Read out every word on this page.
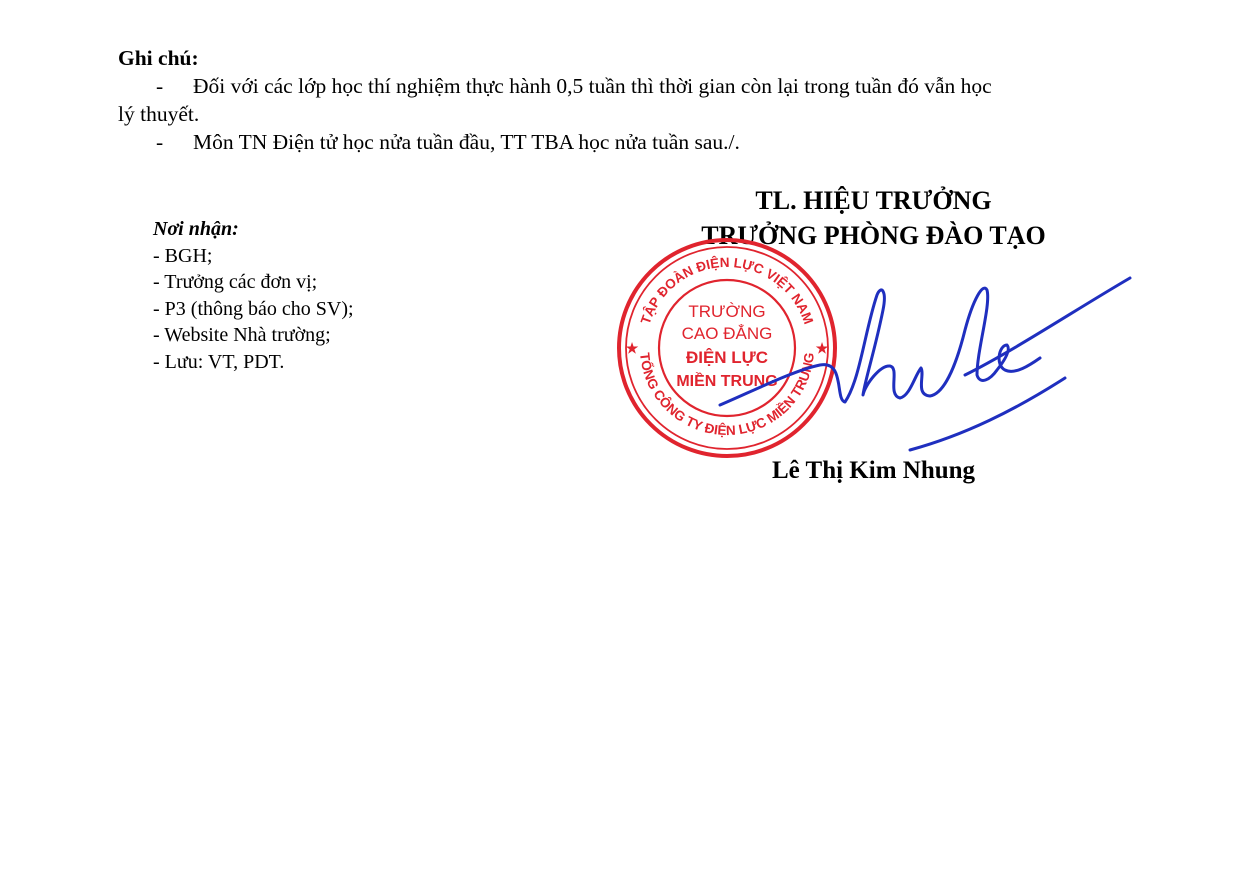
Ghi chú:
- Đối với các lớp học thí nghiệm thực hành 0,5 tuần thì thời gian còn lại trong tuần đó vẫn học
lý thuyết.
- Môn TN Điện tử học nửa tuần đầu, TT TBA học nửa tuần sau./.
Nơi nhận:
- BGH;
- Trưởng các đơn vị;
- P3 (thông báo cho SV);
- Website Nhà trường;
- Lưu: VT, PDT.
TL. HIỆU TRƯỞNG
TRƯỞNG PHÒNG ĐÀO TẠO
Lê Thị Kim Nhung
TẬP ĐOÀN ĐIỆN LỰC VIỆT NAM
TỔNG CÔNG TY ĐIỆN LỰC MIỀN TRUNG
★	★
TRƯỜNG
CAO ĐẲNG
ĐIỆN LỰC
MIỀN TRUNG
